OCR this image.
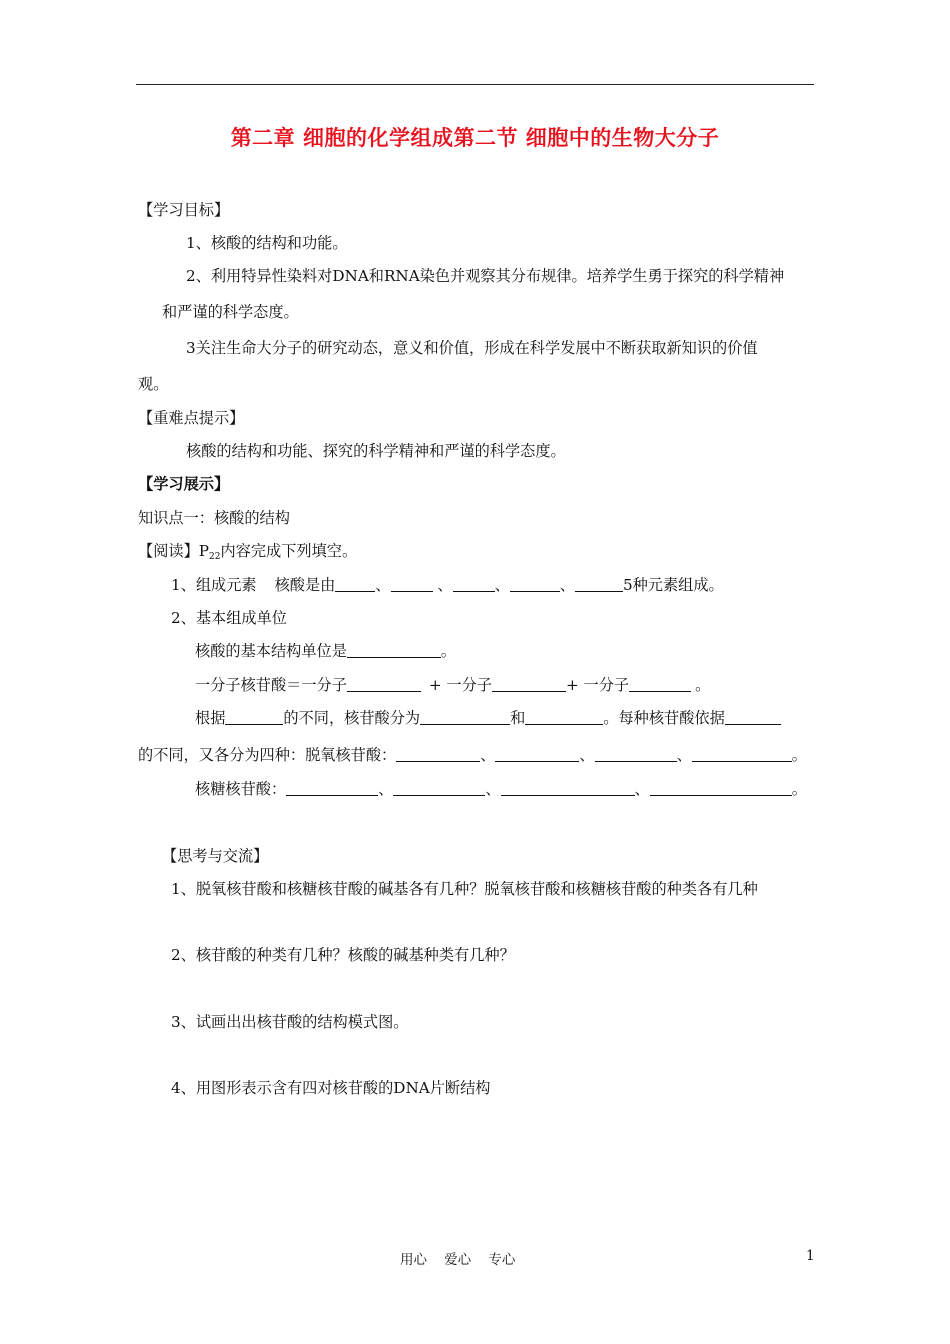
第二章 细胞的化学组成第二节 细胞中的生物大分子
【学习目标】
1、核酸的结构和功能。
2、利用特异性染料对DNA和RNA染色并观察其分布规律。培养学生勇于探究的科学精神
和严谨的科学态度。
3关注生命大分子的研究动态，意义和价值，形成在科学发展中不断获取新知识的价值
观。
【重难点提示】
核酸的结构和功能、探究的科学精神和严谨的科学态度。
【学习展示】
知识点一：核酸的结构
【阅读】$P_{22}$内容完成下列填空。
1、组成元素 核酸是由	、	、	、	、	5种元素组成。
2、基本组成单位
核酸的基本结构单位是	。
一分子核苷酸＝一分子	+ 一分子	+ 一分子	。
根据	的不同，核苷酸分为	和	。每种核苷酸依据
的不同，又各分为四种：脱氧核苷酸：	、	、	、	。
核糖核苷酸：	、	、	、	。
【思考与交流】
1、脱氧核苷酸和核糖核苷酸的碱基各有几种？脱氧核苷酸和核糖核苷酸的种类各有几种
2、核苷酸的种类有几种？核酸的碱基种类有几种？
3、试画出出核苷酸的结构模式图。
4、用图形表示含有四对核苷酸的DNA片断结构
用心    爱心    专心	1
